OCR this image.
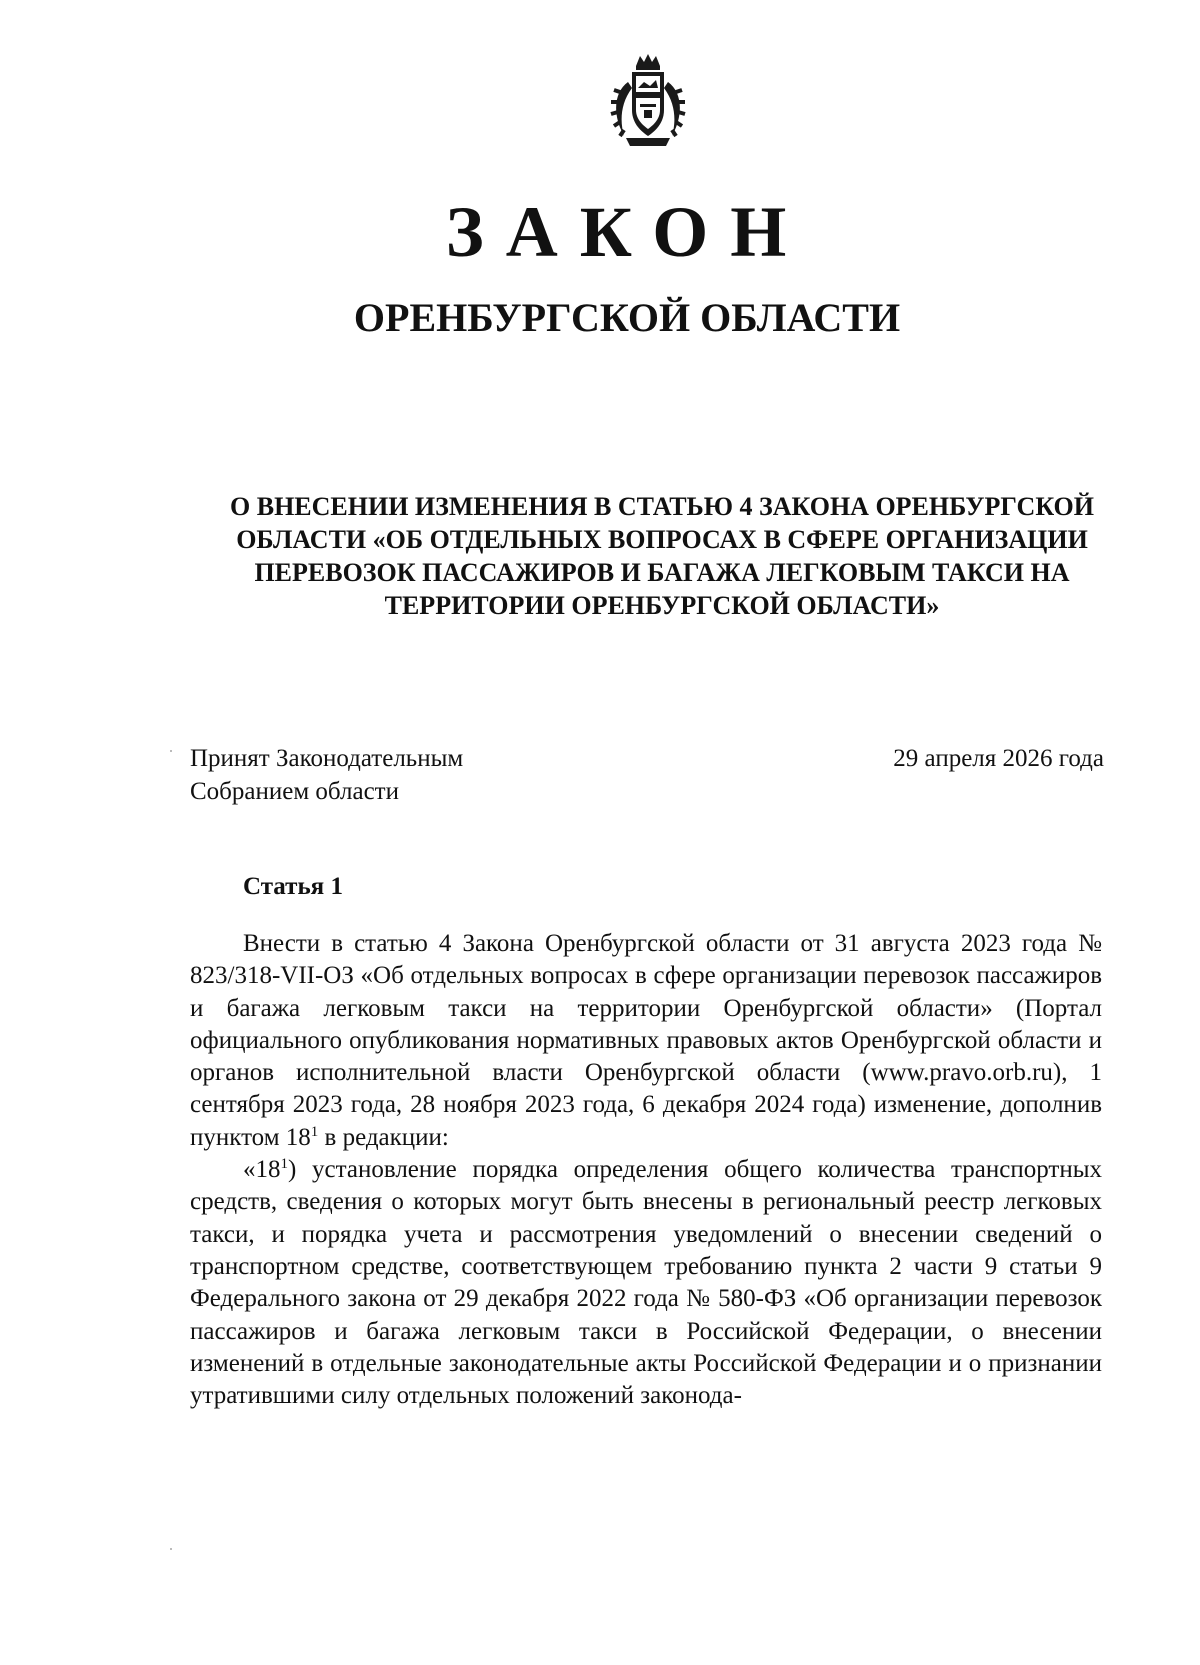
ЗАКОН
ОРЕНБУРГСКОЙ ОБЛАСТИ
О ВНЕСЕНИИ ИЗМЕНЕНИЯ В СТАТЬЮ 4 ЗАКОНА ОРЕНБУРГСКОЙ ОБЛАСТИ «ОБ ОТДЕЛЬНЫХ ВОПРОСАХ В СФЕРЕ ОРГАНИЗАЦИИ ПЕРЕВОЗОК ПАССАЖИРОВ И БАГАЖА ЛЕГКОВЫМ ТАКСИ НА ТЕРРИТОРИИ ОРЕНБУРГСКОЙ ОБЛАСТИ»
Принят Законодательным
Собранием области
29 апреля 2026 года
Статья 1

Внести в статью 4 Закона Оренбургской области от 31 августа 2023 года № 823/318-VII-ОЗ «Об отдельных вопросах в сфере организации перевозок пассажиров и багажа легковым такси на территории Оренбургской области» (Портал официального опубликования нормативных правовых актов Оренбургской области и органов исполнительной власти Оренбургской области (www.pravo.orb.ru), 1 сентября 2023 года, 28 ноября 2023 года, 6 декабря 2024 года) изменение, дополнив пунктом $18^1$ в редакции:

«$18^1$) установление порядка определения общего количества транспортных средств, сведения о которых могут быть внесены в региональный реестр легковых такси, и порядка учета и рассмотрения уведомлений о внесении сведений о транспортном средстве, соответствующем требованию пункта 2 части 9 статьи 9 Федерального закона от 29 декабря 2022 года № 580-ФЗ «Об организации перевозок пассажиров и багажа легковым такси в Российской Федерации, о внесении изменений в отдельные законодательные акты Российской Федерации и о признании утратившими силу отдельных положений законода-
